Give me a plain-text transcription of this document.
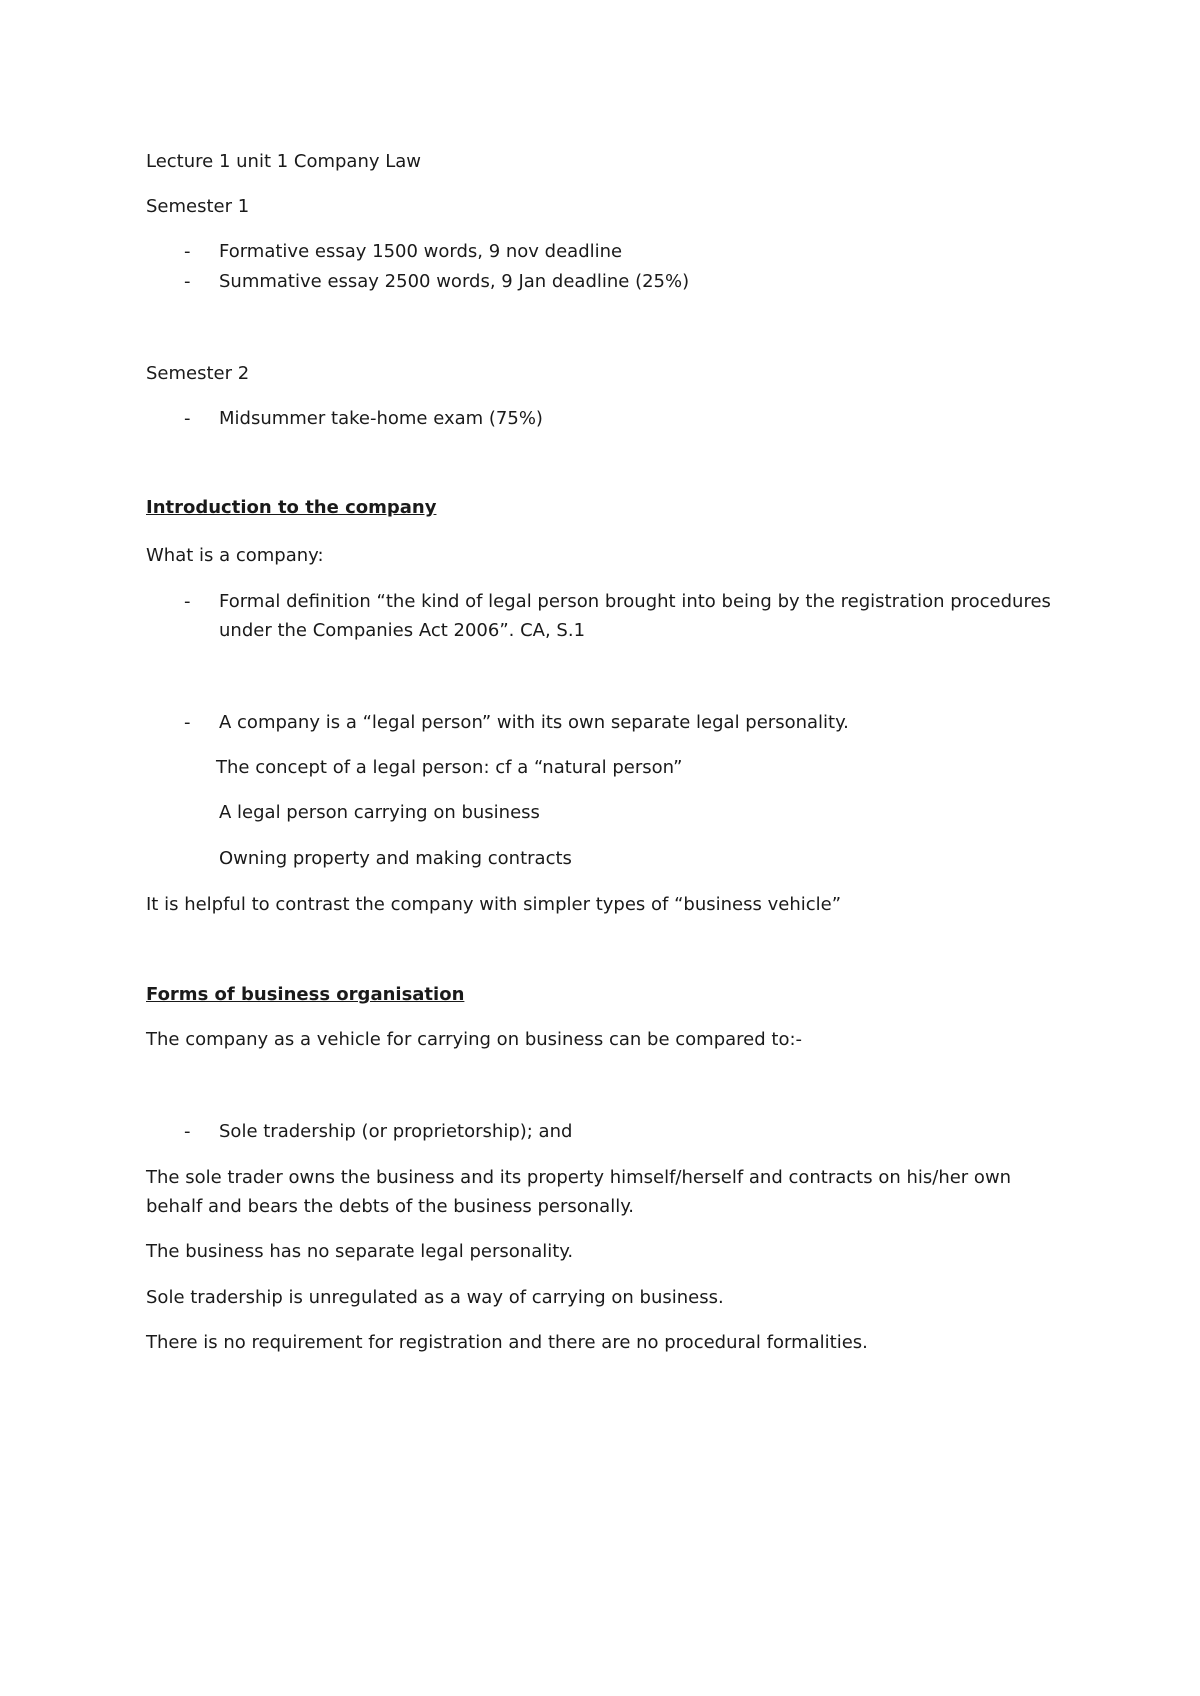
Lecture 1 unit 1 Company Law
Semester 1
- Formative essay 1500 words, 9 nov deadline
- Summative essay 2500 words, 9 Jan deadline (25%)
Semester 2
- Midsummer take-home exam (75%)
Introduction to the company
What is a company:
- Formal definition “the kind of legal person brought into being by the registration procedures
under the Companies Act 2006”. CA, S.1
- A company is a “legal person” with its own separate legal personality.
The concept of a legal person: cf a “natural person”
A legal person carrying on business
Owning property and making contracts
It is helpful to contrast the company with simpler types of “business vehicle”
Forms of business organisation
The company as a vehicle for carrying on business can be compared to:-
- Sole tradership (or proprietorship); and
The sole trader owns the business and its property himself/herself and contracts on his/her own
behalf and bears the debts of the business personally.
The business has no separate legal personality.
Sole tradership is unregulated as a way of carrying on business.
There is no requirement for registration and there are no procedural formalities.
